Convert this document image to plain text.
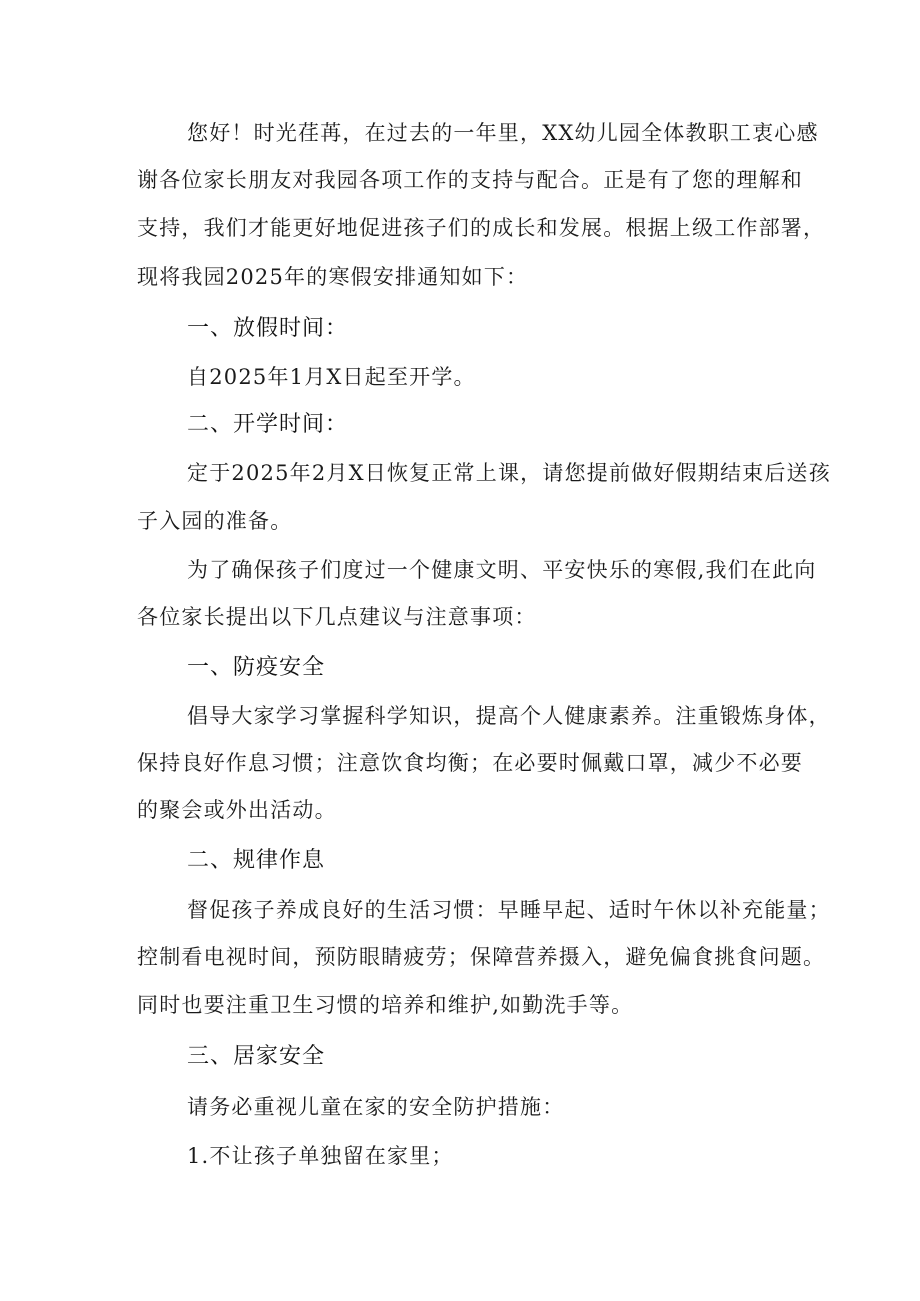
您好！时光荏苒，在过去的一年里，XX幼儿园全体教职工衷心感
谢各位家长朋友对我园各项工作的支持与配合。正是有了您的理解和
支持，我们才能更好地促进孩子们的成长和发展。根据上级工作部署，
现将我园2025年的寒假安排通知如下：
一、放假时间：
自2025年1月X日起至开学。
二、开学时间：
定于2025年2月X日恢复正常上课，请您提前做好假期结束后送孩
子入园的准备。
为了确保孩子们度过一个健康文明、平安快乐的寒假,我们在此向
各位家长提出以下几点建议与注意事项：
一、防疫安全
倡导大家学习掌握科学知识，提高个人健康素养。注重锻炼身体，
保持良好作息习惯；注意饮食均衡；在必要时佩戴口罩，减少不必要
的聚会或外出活动。
二、规律作息
督促孩子养成良好的生活习惯：早睡早起、适时午休以补充能量；
控制看电视时间，预防眼睛疲劳；保障营养摄入，避免偏食挑食问题。
同时也要注重卫生习惯的培养和维护,如勤洗手等。
三、居家安全
请务必重视儿童在家的安全防护措施：
1.不让孩子单独留在家里；
